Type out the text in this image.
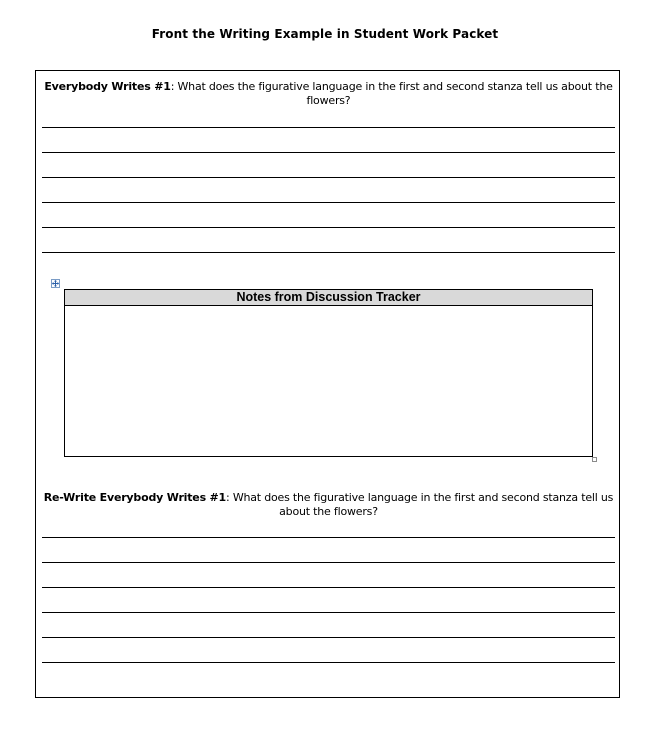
Front the Writing Example in Student Work Packet
Everybody Writes #1: What does the figurative language in the first and second stanza tell us about the flowers?
Notes from Discussion Tracker
Re-Write Everybody Writes #1: What does the figurative language in the first and second stanza tell us about the flowers?
